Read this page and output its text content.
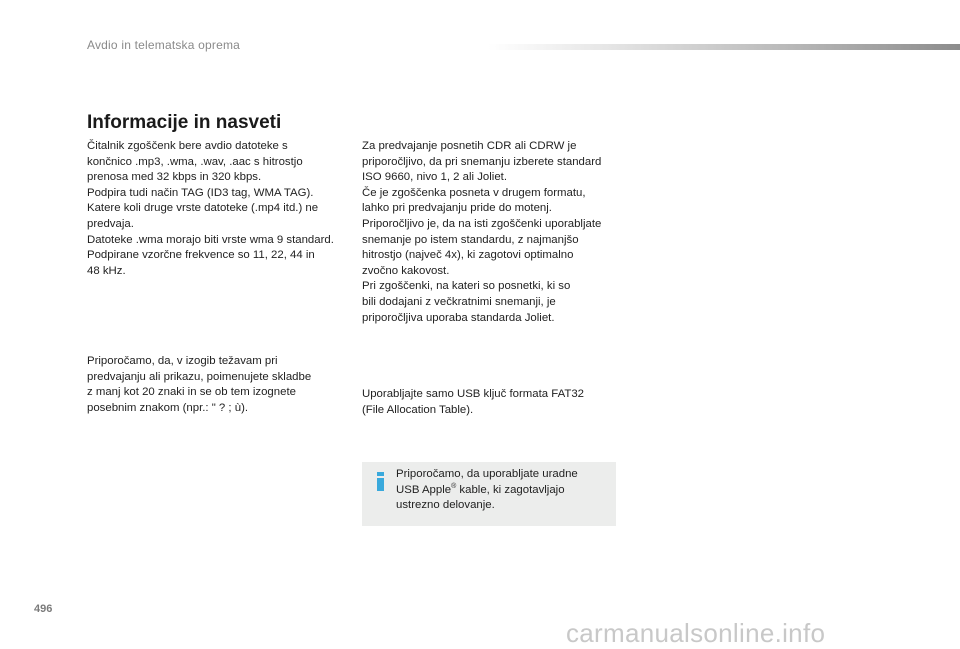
Avdio in telematska oprema
Informacije in nasveti
Čitalnik zgoščenk bere avdio datoteke s
končnico .mp3, .wma, .wav, .aac s hitrostjo
prenosa med 32 kbps in 320 kbps.
Podpira tudi način TAG (ID3 tag, WMA TAG).
Katere koli druge vrste datoteke (.mp4 itd.) ne
predvaja.
Datoteke .wma morajo biti vrste wma 9 standard.
Podpirane vzorčne frekvence so 11, 22, 44 in
48 kHz.
Priporočamo, da, v izogib težavam pri
predvajanju ali prikazu, poimenujete skladbe
z manj kot 20 znaki in se ob tem izognete
posebnim znakom (npr.: " ? ; ù).
Za predvajanje posnetih CDR ali CDRW je
priporočljivo, da pri snemanju izberete standard
ISO 9660, nivo 1, 2 ali Joliet.
Če je zgoščenka posneta v drugem formatu,
lahko pri predvajanju pride do motenj.
Priporočljivo je, da na isti zgoščenki uporabljate
snemanje po istem standardu, z najmanjšo
hitrostjo (največ 4x), ki zagotovi optimalno
zvočno kakovost.
Pri zgoščenki, na kateri so posnetki, ki so
bili dodajani z večkratnimi snemanji, je
priporočljiva uporaba standarda Joliet.
Uporabljajte samo USB ključ formata FAT32
(File Allocation Table).
Priporočamo, da uporabljate uradne
USB Apple® kable, ki zagotavljajo
ustrezno delovanje.
496
carmanualsonline.info
